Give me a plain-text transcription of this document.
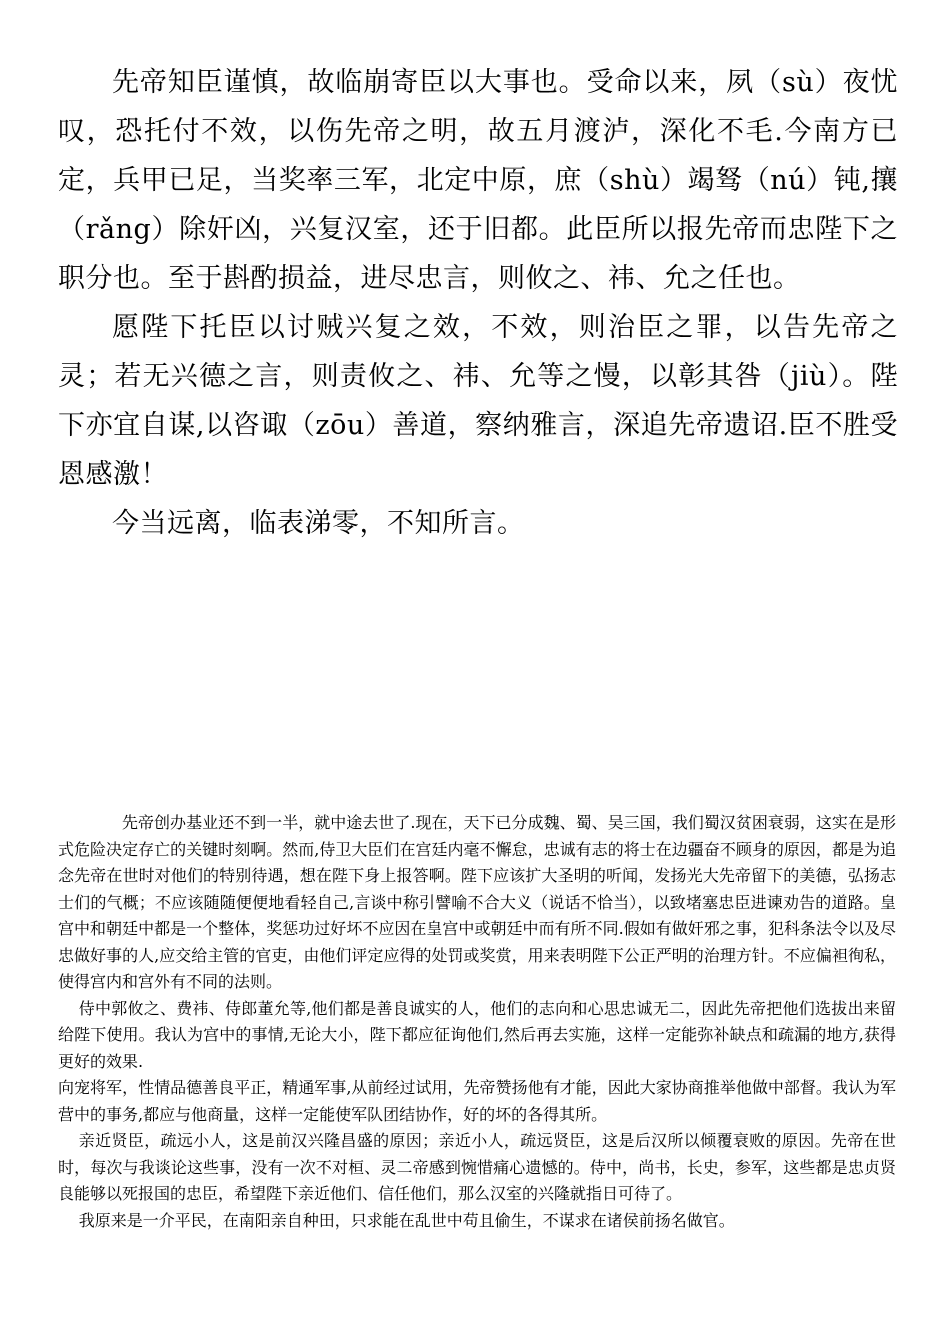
先帝知臣谨慎，故临崩寄臣以大事也。受命以来，夙（sù）夜忧叹，恐托付不效，以伤先帝之明，故五月渡泸，深化不毛.今南方已定，兵甲已足，当奖率三军，北定中原，庶（shù）竭驽（nú）钝,攘（rǎng）除奸凶，兴复汉室，还于旧都。此臣所以报先帝而忠陛下之职分也。至于斟酌损益，进尽忠言，则攸之、祎、允之任也。

愿陛下托臣以讨贼兴复之效，不效，则治臣之罪，以告先帝之灵；若无兴德之言，则责攸之、祎、允等之慢，以彰其咎（jiù）。陛下亦宜自谋,以咨诹（zōu）善道，察纳雅言，深追先帝遗诏.臣不胜受恩感激！

今当远离，临表涕零，不知所言。

先帝创办基业还不到一半，就中途去世了.现在，天下已分成魏、蜀、吴三国，我们蜀汉贫困衰弱，这实在是形式危险决定存亡的关键时刻啊。然而,侍卫大臣们在宫廷内毫不懈怠，忠诚有志的将士在边疆奋不顾身的原因，都是为追念先帝在世时对他们的特别待遇，想在陛下身上报答啊。陛下应该扩大圣明的听闻，发扬光大先帝留下的美德，弘扬志士们的气概；不应该随随便便地看轻自己,言谈中称引譬喻不合大义（说话不恰当），以致堵塞忠臣进谏劝告的道路。皇宫中和朝廷中都是一个整体，奖惩功过好坏不应因在皇宫中或朝廷中而有所不同.假如有做奸邪之事，犯科条法令以及尽忠做好事的人,应交给主管的官吏，由他们评定应得的处罚或奖赏，用来表明陛下公正严明的治理方针。不应偏袒徇私，使得宫内和宫外有不同的法则。

侍中郭攸之、费祎、侍郎董允等,他们都是善良诚实的人，他们的志向和心思忠诚无二，因此先帝把他们选拔出来留给陛下使用。我认为宫中的事情,无论大小，陛下都应征询他们,然后再去实施，这样一定能弥补缺点和疏漏的地方,获得更好的效果.

向宠将军，性情品德善良平正，精通军事,从前经过试用，先帝赞扬他有才能，因此大家协商推举他做中部督。我认为军营中的事务,都应与他商量，这样一定能使军队团结协作，好的坏的各得其所。

亲近贤臣，疏远小人，这是前汉兴隆昌盛的原因；亲近小人，疏远贤臣，这是后汉所以倾覆衰败的原因。先帝在世时，每次与我谈论这些事，没有一次不对桓、灵二帝感到惋惜痛心遗憾的。侍中，尚书，长史，参军，这些都是忠贞贤良能够以死报国的忠臣，希望陛下亲近他们、信任他们，那么汉室的兴隆就指日可待了。

我原来是一介平民，在南阳亲自种田，只求能在乱世中苟且偷生，不谋求在诸侯前扬名做官。
